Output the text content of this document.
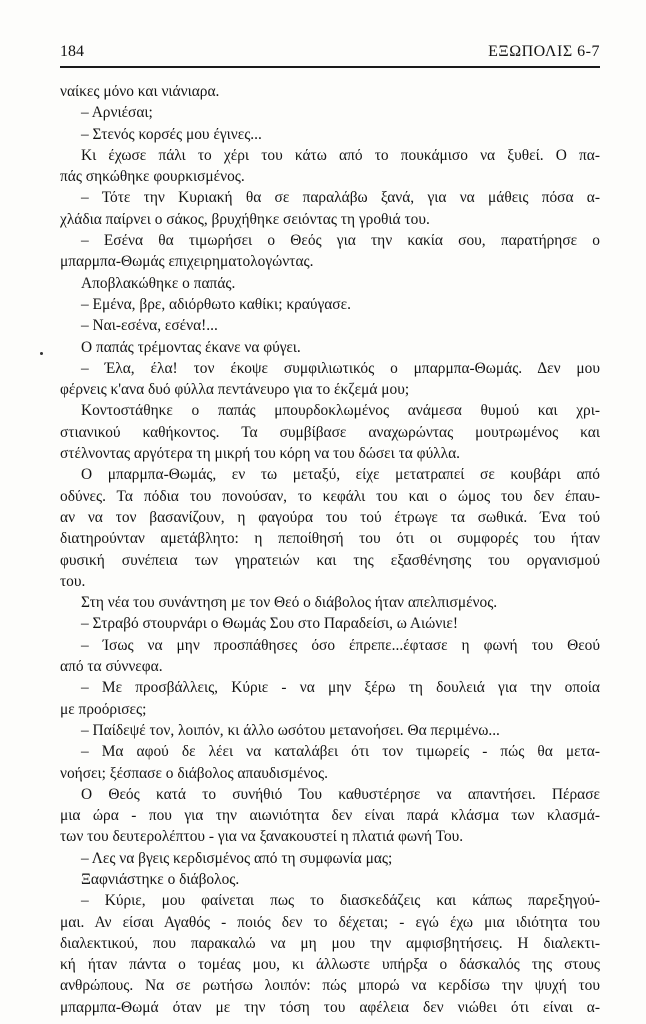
184	ΕΞΩΠΟΛΙΣ 6-7
ναίκες μόνο και νιάνιαρα.
– Αρνιέσαι;
– Στενός κορσές μου έγινες...
Κι έχωσε πάλι το χέρι του κάτω από το πουκάμισο να ξυθεί. Ο πα-
πάς σηκώθηκε φουρκισμένος.
– Τότε την Κυριακή θα σε παραλάβω ξανά, για να μάθεις πόσα α-
χλάδια παίρνει ο σάκος, βρυχήθηκε σειόντας τη γροθιά του.
– Εσένα θα τιμωρήσει ο Θεός για την κακία σου, παρατήρησε ο
μπαρμπα-Θωμάς επιχειρηματολογώντας.
Αποβλακώθηκε ο παπάς.
– Εμένα, βρε, αδιόρθωτο καθίκι; κραύγασε.
– Ναι-εσένα, εσένα!...
Ο παπάς τρέμοντας έκανε να φύγει.
– Έλα, έλα! τον έκοψε συμφιλιωτικός ο μπαρμπα-Θωμάς. Δεν μου
φέρνεις κ'ανα δυό φύλλα πεντάνευρο για το έκζεμά μου;
Κοντοστάθηκε ο παπάς μπουρδοκλωμένος ανάμεσα θυμού και χρι-
στιανικού καθήκοντος. Τα συμβίβασε αναχωρώντας μουτρωμένος και
στέλνοντας αργότερα τη μικρή του κόρη να του δώσει τα φύλλα.
Ο μπαρμπα-Θωμάς, εν τω μεταξύ, είχε μετατραπεί σε κουβάρι από
οδύνες. Τα πόδια του πονούσαν, το κεφάλι του και ο ώμος του δεν έπαυ-
αν να τον βασανίζουν, η φαγούρα του τού έτρωγε τα σωθικά. Ένα τού
διατηρούνταν αμετάβλητο: η πεποίθησή του ότι οι συμφορές του ήταν
φυσική συνέπεια των γηρατειών και της εξασθένησης του οργανισμού
του.
Στη νέα του συνάντηση με τον Θεό ο διάβολος ήταν απελπισμένος.
– Στραβό στουρνάρι ο Θωμάς Σου στο Παραδείσι, ω Αιώνιε!
– Ίσως να μην προσπάθησες όσο έπρεπε...έφτασε η φωνή του Θεού
από τα σύννεφα.
– Με προσβάλλεις, Κύριε - να μην ξέρω τη δουλειά για την οποία
με προόρισες;
– Παίδεψέ τον, λοιπόν, κι άλλο ωσότου μετανοήσει. Θα περιμένω...
– Μα αφού δε λέει να καταλάβει ότι τον τιμωρείς - πώς θα μετα-
νοήσει; ξέσπασε ο διάβολος απαυδισμένος.
Ο Θεός κατά το συνήθιό Του καθυστέρησε να απαντήσει. Πέρασε
μια ώρα - που για την αιωνιότητα δεν είναι παρά κλάσμα των κλασμά-
των του δευτερολέπτου - για να ξανακουστεί η πλατιά φωνή Του.
– Λες να βγεις κερδισμένος από τη συμφωνία μας;
Ξαφνιάστηκε ο διάβολος.
– Κύριε, μου φαίνεται πως το διασκεδάζεις και κάπως παρεξηγού-
μαι. Αν είσαι Αγαθός - ποιός δεν το δέχεται; - εγώ έχω μια ιδιότητα του
διαλεκτικού, που παρακαλώ να μη μου την αμφισβητήσεις. Η διαλεκτι-
κή ήταν πάντα ο τομέας μου, κι άλλωστε υπήρξα ο δάσκαλός της στους
ανθρώπους. Να σε ρωτήσω λοιπόν: πώς μπορώ να κερδίσω την ψυχή του
μπαρμπα-Θωμά όταν με την τόση του αφέλεια δεν νιώθει ότι είναι α-
